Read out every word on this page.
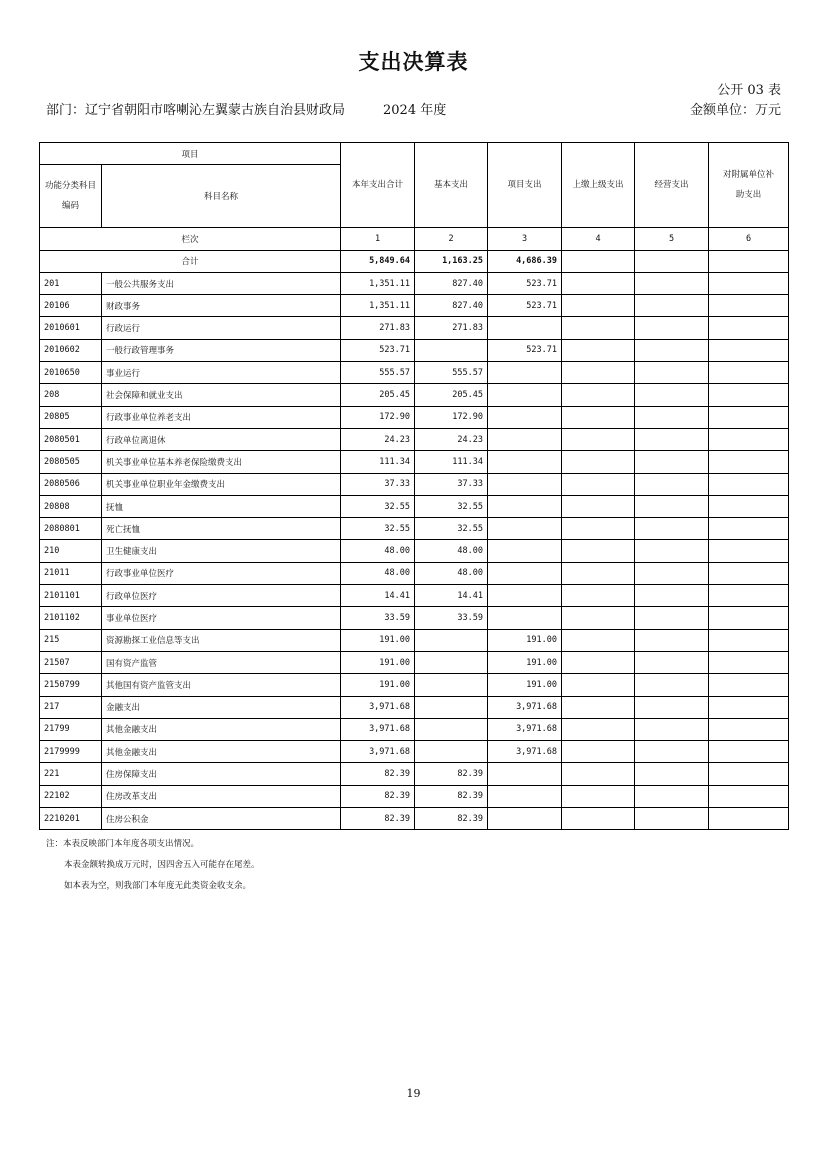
支出决算表
公开 03 表
部门：辽宁省朝阳市喀喇沁左翼蒙古族自治县财政局	2024 年度	金额单位：万元
项目		本年支出合计	基本支出	项目支出	上缴上级支出	经营支出	对附属单位补助支出
功能分类科目编码	科目名称						
栏次		1	2	3	4	5	6
合计		5,849.64	1,163.25	4,686.39			
201	一般公共服务支出	1,351.11	827.40	523.71			
20106	财政事务	1,351.11	827.40	523.71			
2010601	行政运行	271.83	271.83				
2010602	一般行政管理事务	523.71		523.71			
2010650	事业运行	555.57	555.57				
208	社会保障和就业支出	205.45	205.45				
20805	行政事业单位养老支出	172.90	172.90				
2080501	行政单位离退休	24.23	24.23				
2080505	机关事业单位基本养老保险缴费支出	111.34	111.34				
2080506	机关事业单位职业年金缴费支出	37.33	37.33				
20808	抚恤	32.55	32.55				
2080801	死亡抚恤	32.55	32.55				
210	卫生健康支出	48.00	48.00				
21011	行政事业单位医疗	48.00	48.00				
2101101	行政单位医疗	14.41	14.41				
2101102	事业单位医疗	33.59	33.59				
215	资源勘探工业信息等支出	191.00		191.00			
21507	国有资产监管	191.00		191.00			
2150799	其他国有资产监管支出	191.00		191.00			
217	金融支出	3,971.68		3,971.68			
21799	其他金融支出	3,971.68		3,971.68			
2179999	其他金融支出	3,971.68		3,971.68			
221	住房保障支出	82.39	82.39				
22102	住房改革支出	82.39	82.39				
2210201	住房公积金	82.39	82.39				
注：本表反映部门本年度各项支出情况。
本表金额转换成万元时，因四舍五入可能存在尾差。
如本表为空，则我部门本年度无此类资金收支余。
19
